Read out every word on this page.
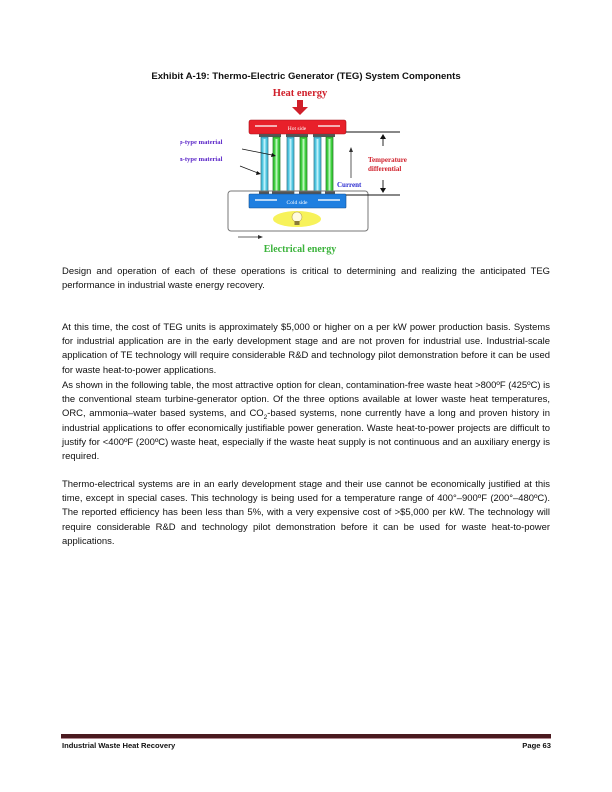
Exhibit A-19: Thermo-Electric Generator (TEG) System Components
Heat energy
Hot side
Cold side
Electrical energy
p-type material
n-type material
Current
Temperature
differential

Design and operation of each of these operations is critical to determining and realizing the anticipated TEG performance in industrial waste energy recovery.

At this time, the cost of TEG units is approximately $5,000 or higher on a per kW power production basis. Systems for industrial application are in the early development stage and are not proven for industrial use. Industrial-scale application of TE technology will require considerable R&D and technology pilot demonstration before it can be used for waste heat-to-power applications.

As shown in the following table, the most attractive option for clean, contamination-free waste heat >800ºF (425ºC) is the conventional steam turbine-generator option. Of the three options available at lower waste heat temperatures, ORC, ammonia–water based systems, and $CO_2$-based systems, none currently have a long and proven history in industrial applications to offer economically justifiable power generation. Waste heat-to-power projects are difficult to justify for <400ºF (200ºC) waste heat, especially if the waste heat supply is not continuous and an auxiliary energy is required.

Thermo-electrical systems are in an early development stage and their use cannot be economically justified at this time, except in special cases. This technology is being used for a temperature range of 400°–900ºF (200°–480ºC). The reported efficiency has been less than 5%, with a very expensive cost of >$5,000 per kW. The technology will require considerable R&D and technology pilot demonstration before it can be used for waste heat-to-power applications.

Industrial Waste Heat Recovery	Page 63
